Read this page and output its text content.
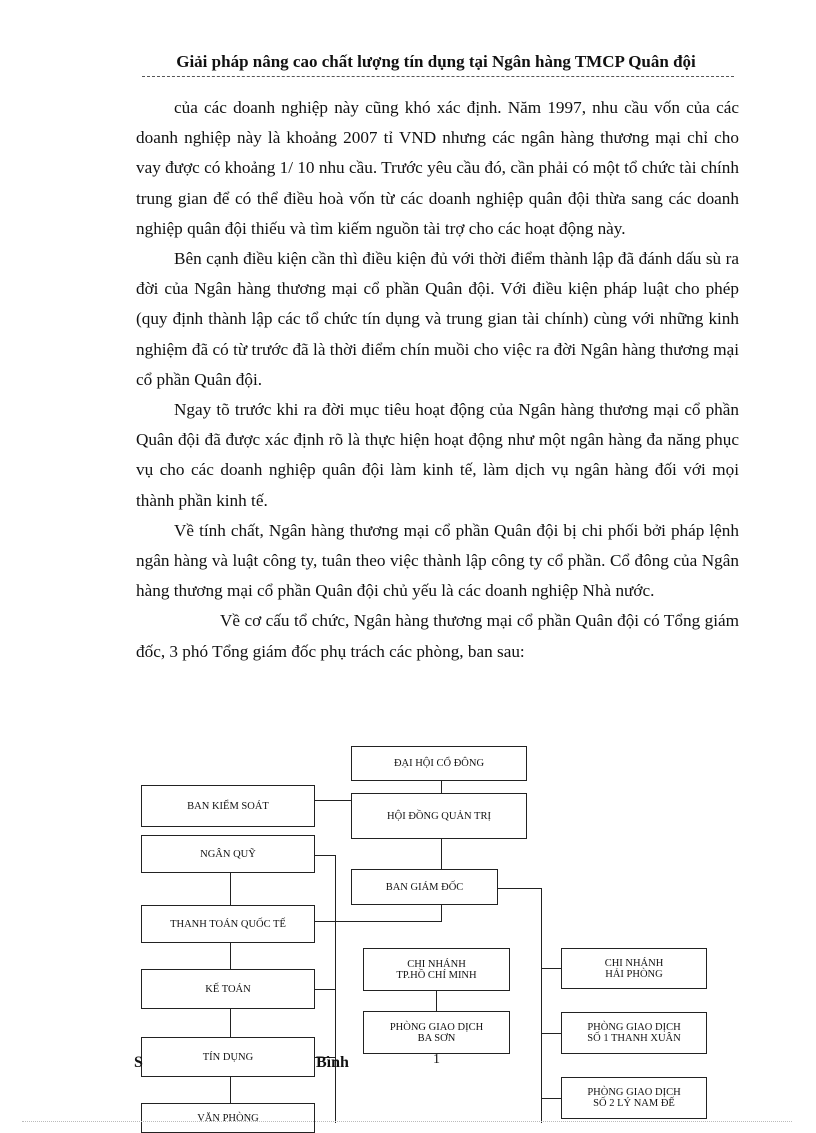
Giải pháp nâng cao chất lượng tín dụng tại Ngân hàng TMCP Quân đội

của các doanh nghiệp này cũng khó xác định. Năm 1997, nhu cầu vốn của các doanh nghiệp này là khoảng 2007 tỉ VND nhưng các ngân hàng thương mại chỉ cho vay được có khoảng 1/ 10 nhu cầu. Trước yêu cầu đó, cần phải có một tổ chức tài chính trung gian để có thể điều hoà vốn từ các doanh nghiệp quân đội thừa sang các doanh nghiệp quân đội thiếu và tìm kiếm nguồn tài trợ cho các hoạt động này.

Bên cạnh điều kiện cần thì điều kiện đủ với thời điểm thành lập đã đánh dấu sù ra đời của Ngân hàng thương mại cổ phần Quân đội. Với điều kiện pháp luật cho phép (quy định thành lập các tổ chức tín dụng và trung gian tài chính) cùng với những kinh nghiệm đã có từ trước đã là thời điểm chín muồi cho việc ra đời Ngân hàng thương mại cổ phần Quân đội.

Ngay tõ trước khi ra đời mục tiêu hoạt động của Ngân hàng thương mại cổ phần Quân đội đã được xác định rõ là thực hiện hoạt động như một ngân hàng đa năng phục vụ cho các doanh nghiệp quân đội làm kinh tế, làm dịch vụ ngân hàng đối với mọi thành phần kinh tế.

Về tính chất, Ngân hàng thương mại cổ phần Quân đội bị chi phối bởi pháp lệnh ngân hàng và luật công ty, tuân theo việc thành lập công ty cổ phần. Cổ đông của Ngân hàng thương mại cổ phần Quân đội chủ yếu là các doanh nghiệp Nhà nước.

Về cơ cấu tổ chức, Ngân hàng thương mại cổ phần Quân đội có Tổng giám đốc, 3 phó Tổng giám đốc phụ trách các phòng, ban sau:

ĐẠI HỘI CỔ ĐÔNG
HỘI ĐỒNG QUẢN TRỊ
BAN GIÁM ĐỐC
BAN KIỂM SOÁT
NGÂN QUỸ
THANH TOÁN QUỐC TẾ
KẾ TOÁN
TÍN DỤNG
VĂN PHÒNG
CHI NHÁNH
TP.HỒ CHÍ MINH
PHÒNG GIAO DỊCH
BA SƠN
CHI NHÁNH
HẢI PHÒNG
PHÒNG GIAO DỊCH
SỐ 1 THANH XUÂN
PHÒNG GIAO DỊCH
SỐ 2 LÝ NAM ĐẾ
S	Bình	1
